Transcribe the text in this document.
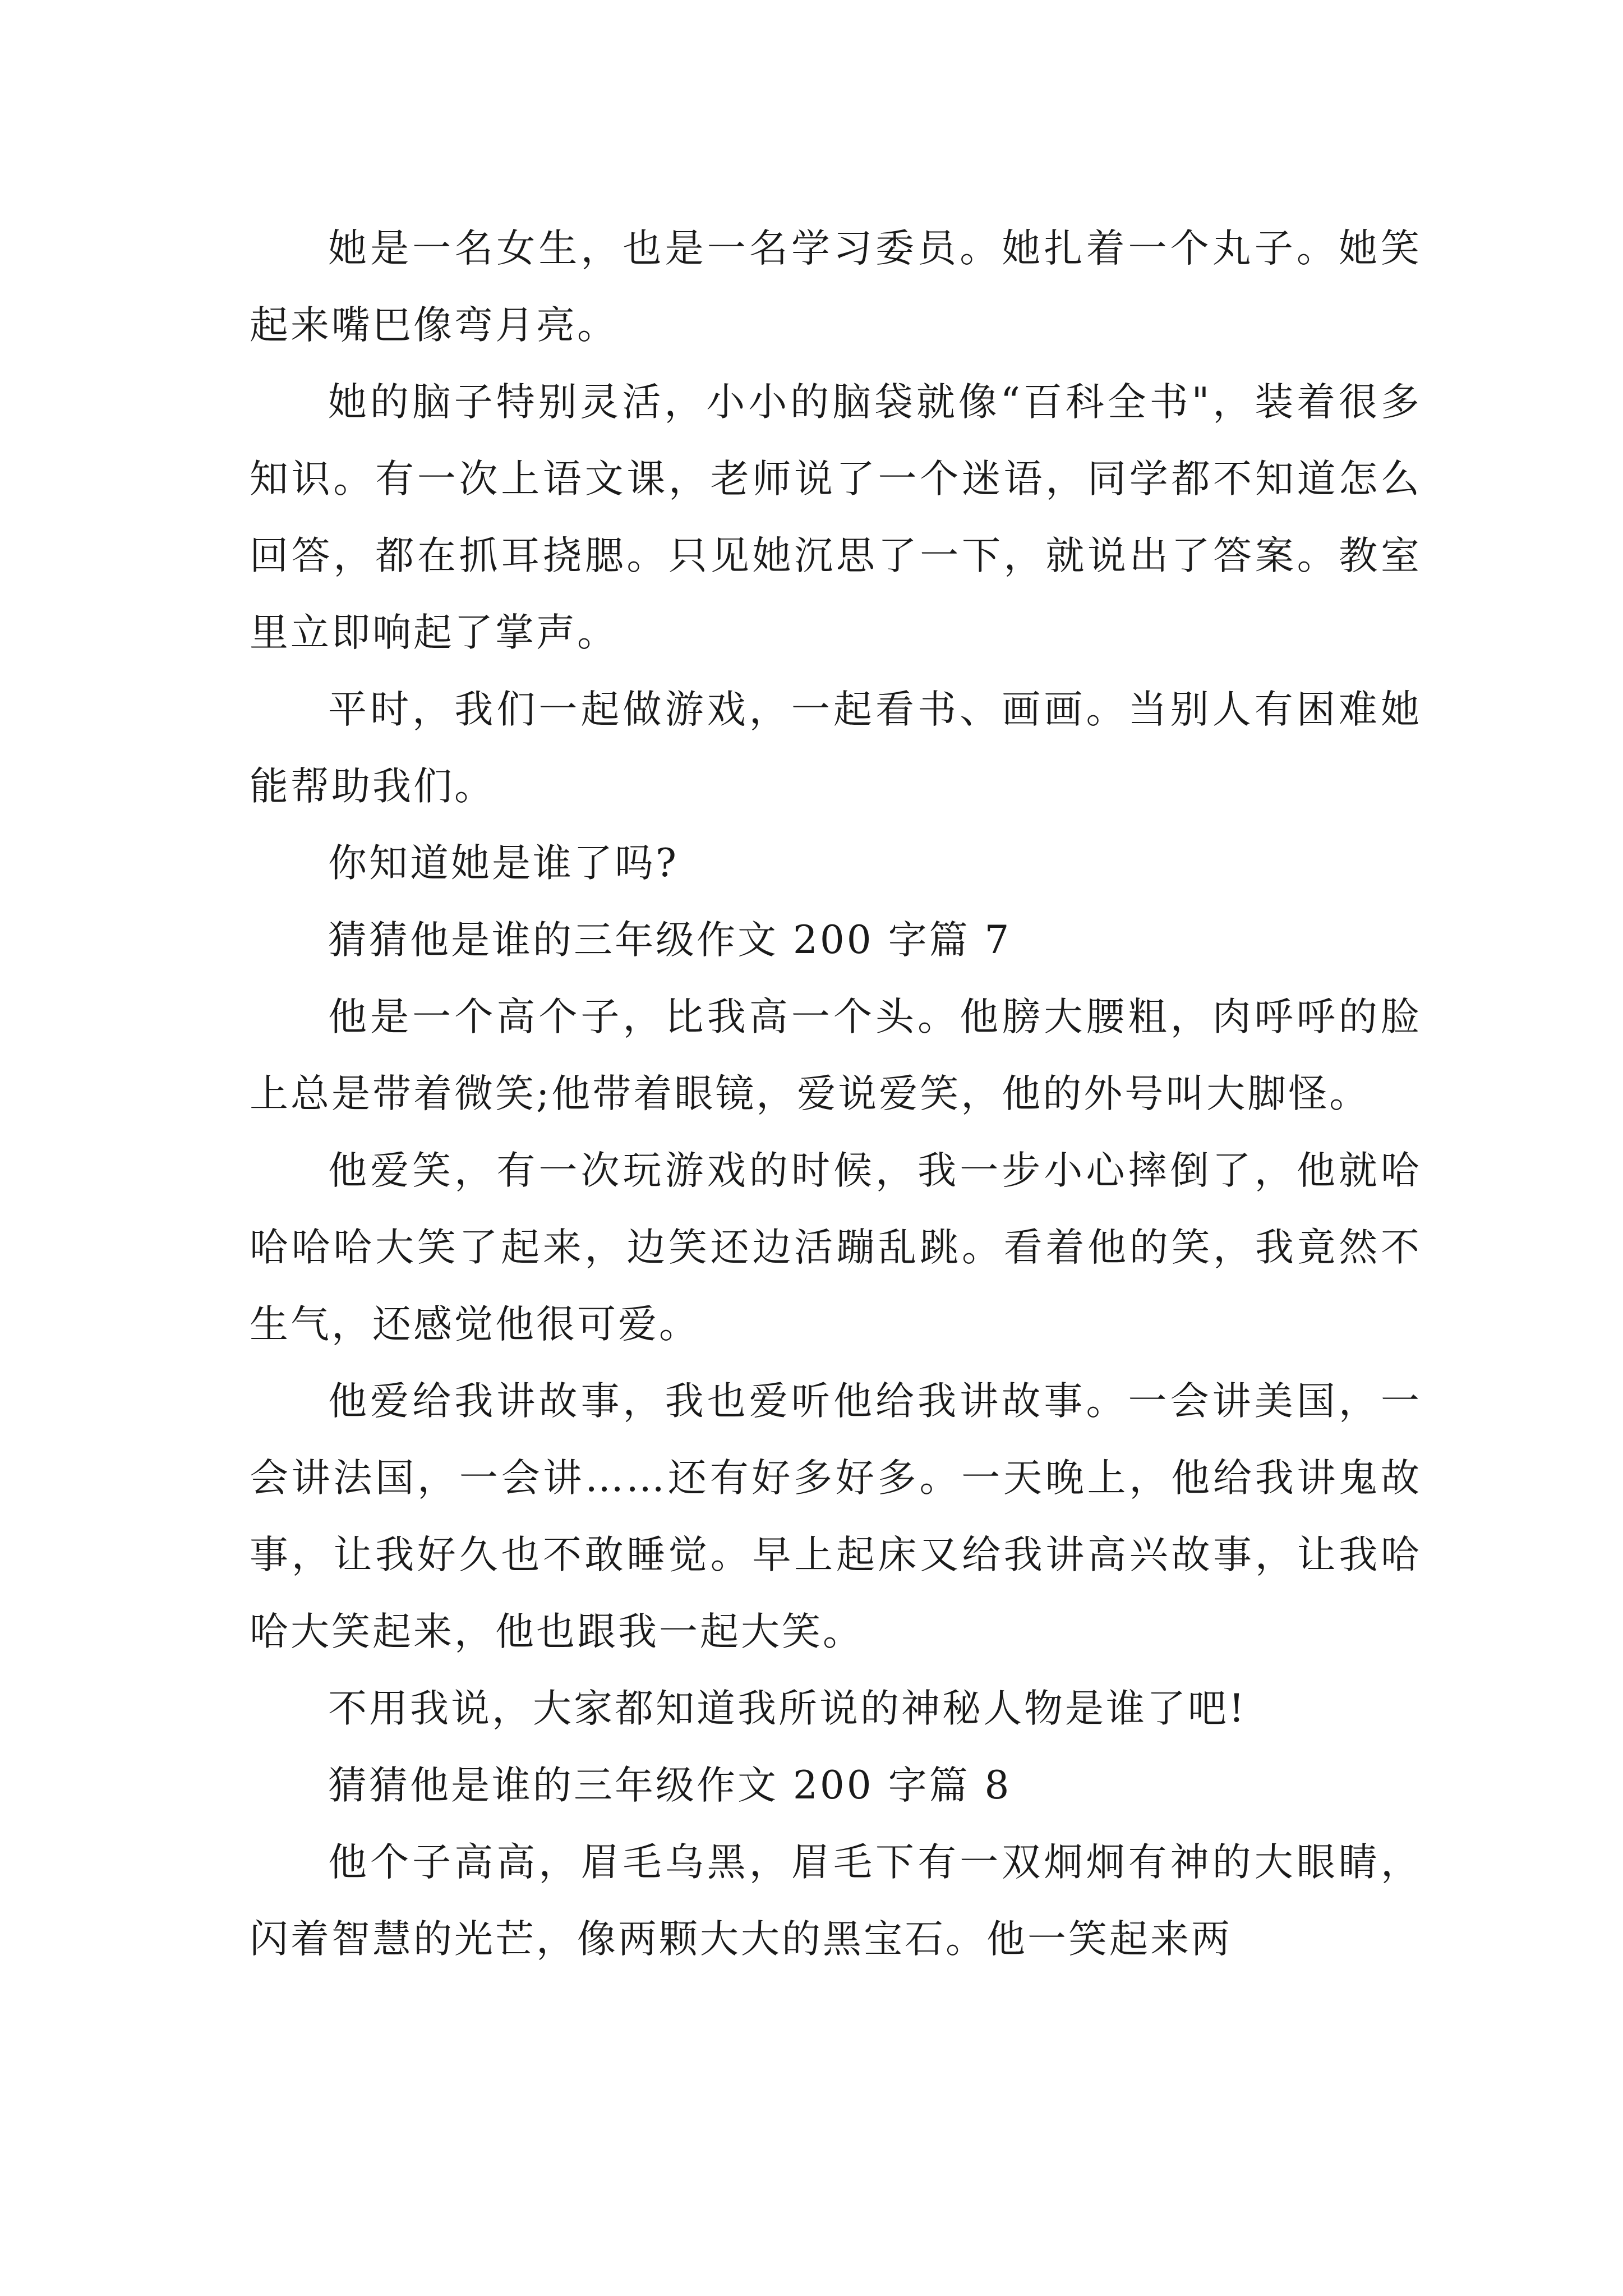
她是一名女生，也是一名学习委员。她扎着一个丸子。她笑起来嘴巴像弯月亮。

她的脑子特别灵活，小小的脑袋就像“百科全书"，装着很多知识。有一次上语文课，老师说了一个迷语，同学都不知道怎么回答，都在抓耳挠腮。只见她沉思了一下，就说出了答案。教室里立即响起了掌声。

平时，我们一起做游戏，一起看书、画画。当别人有困难她能帮助我们。

你知道她是谁了吗?

猜猜他是谁的三年级作文 200 字篇 7

他是一个高个子，比我高一个头。他膀大腰粗，肉呼呼的脸上总是带着微笑;他带着眼镜，爱说爱笑，他的外号叫大脚怪。

他爱笑，有一次玩游戏的时候，我一步小心摔倒了，他就哈哈哈哈大笑了起来，边笑还边活蹦乱跳。看着他的笑，我竟然不生气，还感觉他很可爱。

他爱给我讲故事，我也爱听他给我讲故事。一会讲美国，一会讲法国，一会讲……还有好多好多。一天晚上，他给我讲鬼故事，让我好久也不敢睡觉。早上起床又给我讲高兴故事，让我哈哈大笑起来，他也跟我一起大笑。

不用我说，大家都知道我所说的神秘人物是谁了吧!

猜猜他是谁的三年级作文 200 字篇 8

他个子高高，眉毛乌黑，眉毛下有一双炯炯有神的大眼睛，闪着智慧的光芒，像两颗大大的黑宝石。他一笑起来两
